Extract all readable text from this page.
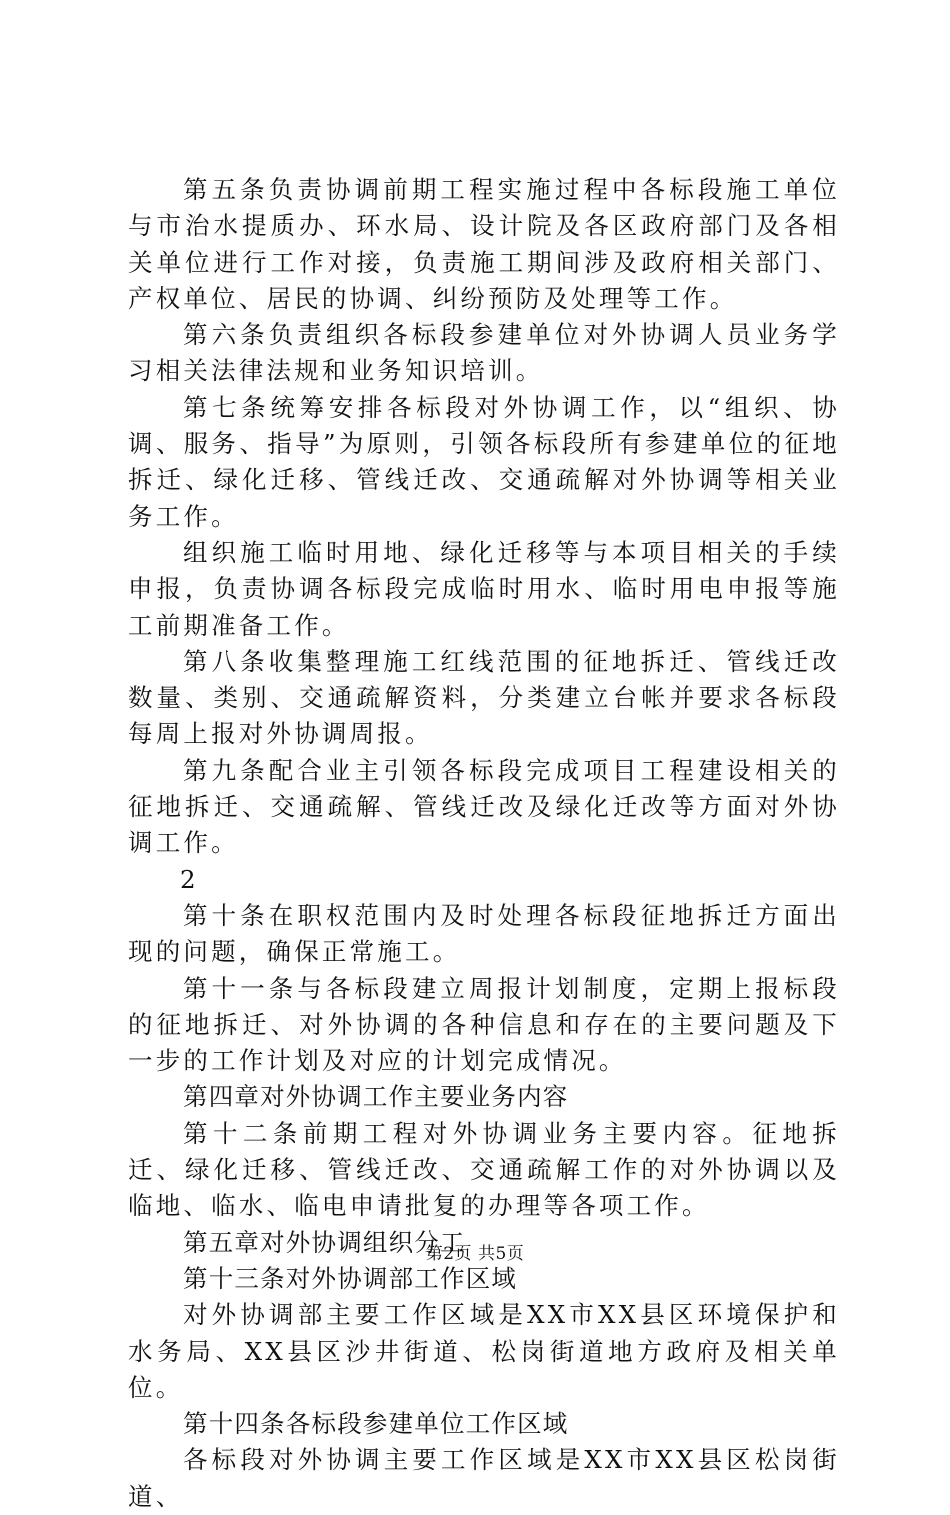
第五条负责协调前期工程实施过程中各标段施工单位与市治水提质办、环水局、设计院及各区政府部门及各相关单位进行工作对接，负责施工期间涉及政府相关部门、产权单位、居民的协调、纠纷预防及处理等工作。

第六条负责组织各标段参建单位对外协调人员业务学习相关法律法规和业务知识培训。

第七条统筹安排各标段对外协调工作，以“组织、协调、服务、指导”为原则，引领各标段所有参建单位的征地拆迁、绿化迁移、管线迁改、交通疏解对外协调等相关业务工作。

组织施工临时用地、绿化迁移等与本项目相关的手续申报，负责协调各标段完成临时用水、临时用电申报等施工前期准备工作。

第八条收集整理施工红线范围的征地拆迁、管线迁改数量、类别、交通疏解资料，分类建立台帐并要求各标段每周上报对外协调周报。

第九条配合业主引领各标段完成项目工程建设相关的征地拆迁、交通疏解、管线迁改及绿化迁改等方面对外协调工作。

2

第十条在职权范围内及时处理各标段征地拆迁方面出现的问题，确保正常施工。

第十一条与各标段建立周报计划制度，定期上报标段的征地拆迁、对外协调的各种信息和存在的主要问题及下一步的工作计划及对应的计划完成情况。

第四章对外协调工作主要业务内容

第十二条前期工程对外协调业务主要内容。征地拆迁、绿化迁移、管线迁改、交通疏解工作的对外协调以及临地、临水、临电申请批复的办理等各项工作。

第五章对外协调组织分工

第十三条对外协调部工作区域

对外协调部主要工作区域是XX市XX县区环境保护和水务局、XX县区沙井街道、松岗街道地方政府及相关单位。

第十四条各标段参建单位工作区域

各标段对外协调主要工作区域是XX市XX县区松岗街道、

第2页 共5页
